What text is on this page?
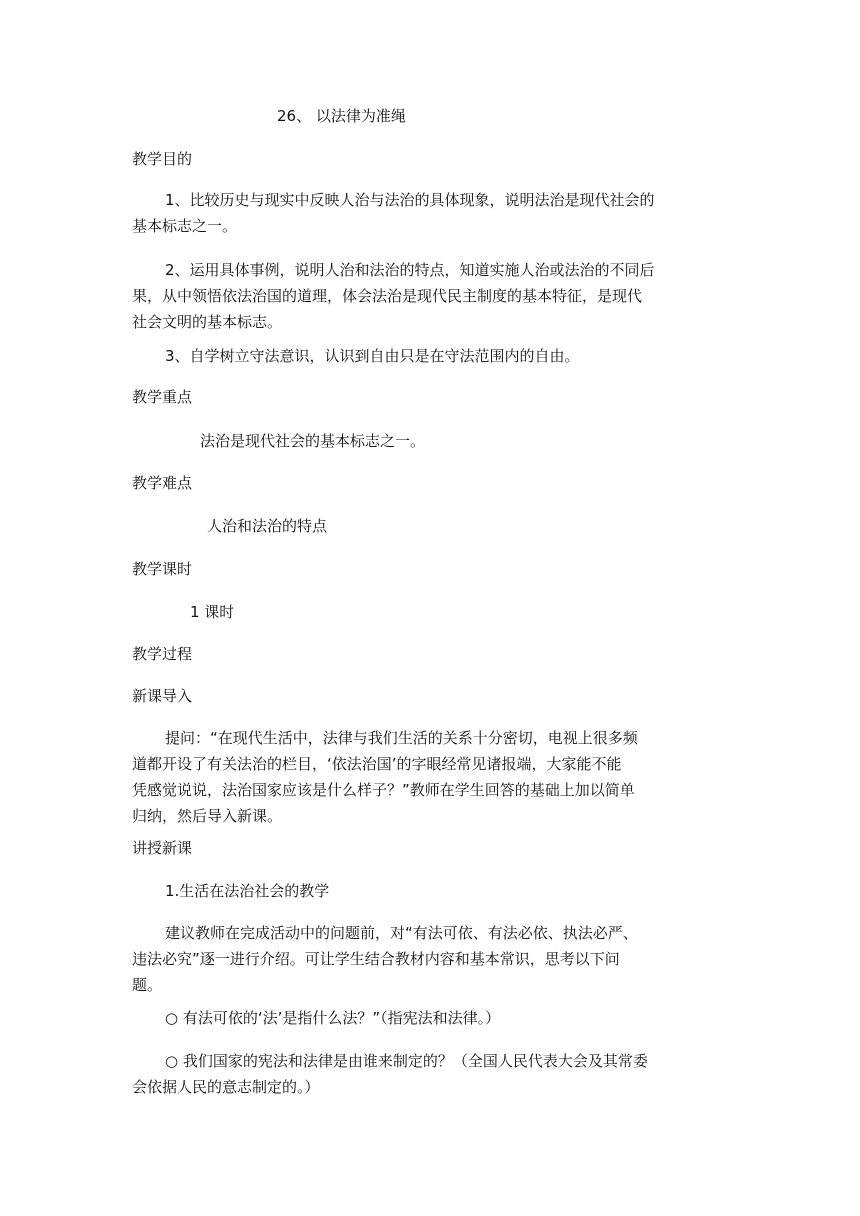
26、 以法律为准绳
教学目的
1、比较历史与现实中反映人治与法治的具体现象，说明法治是现代社会的
基本标志之一。
2、运用具体事例，说明人治和法治的特点，知道实施人治或法治的不同后
果，从中领悟依法治国的道理，体会法治是现代民主制度的基本特征，是现代
社会文明的基本标志。
3、自学树立守法意识，认识到自由只是在守法范围内的自由。
教学重点
法治是现代社会的基本标志之一。
教学难点
人治和法治的特点
教学课时
1 课时
教学过程
新课导入
提问：“在现代生活中，法律与我们生活的关系十分密切，电视上很多频
道都开设了有关法治的栏目，‘依法治国’的字眼经常见诸报端，大家能不能
凭感觉说说，法治国家应该是什么样子？”教师在学生回答的基础上加以简单
归纳，然后导入新课。
讲授新课
1.生活在法治社会的教学
建议教师在完成活动中的问题前，对“有法可依、有法必依、执法必严、
违法必究”逐一进行介绍。可让学生结合教材内容和基本常识，思考以下问
题。
○ 有法可依的‘法’是指什么法？”（指宪法和法律。）
○ 我们国家的宪法和法律是由谁来制定的？（全国人民代表大会及其常委
会依据人民的意志制定的。）
